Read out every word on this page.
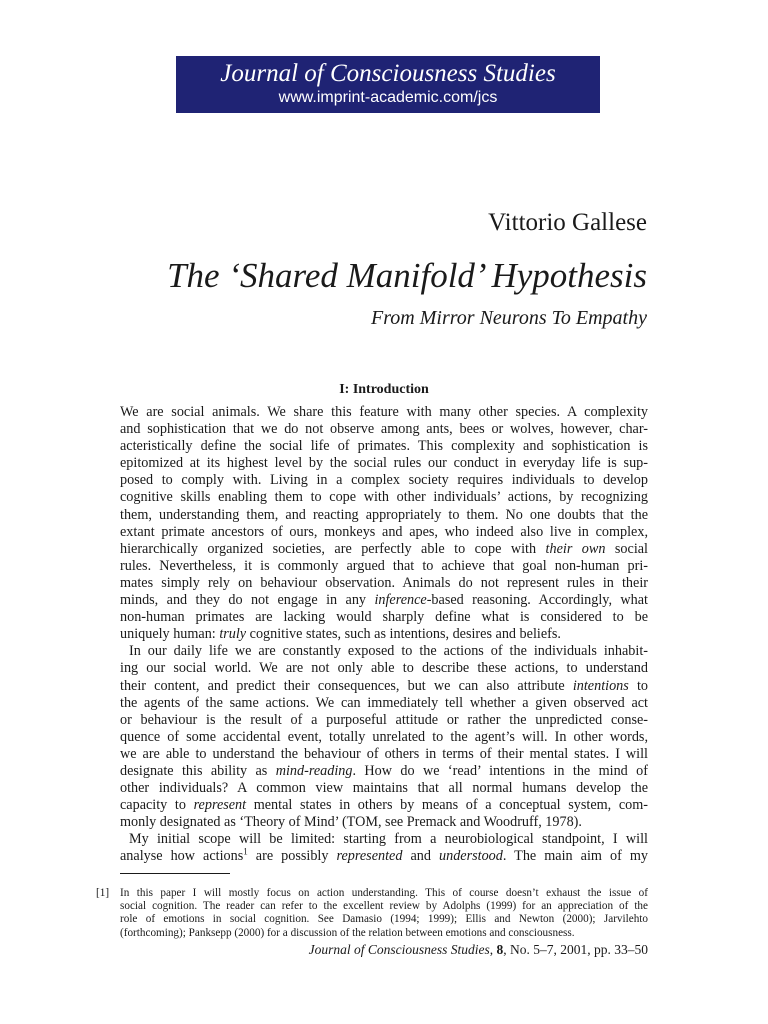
Journal of Consciousness Studies
www.imprint-academic.com/jcs
Vittorio Gallese
The ‘Shared Manifold’ Hypothesis
From Mirror Neurons To Empathy
I: Introduction
We are social animals. We share this feature with many other species. A complexity
and sophistication that we do not observe among ants, bees or wolves, however, char-
acteristically define the social life of primates. This complexity and sophistication is
epitomized at its highest level by the social rules our conduct in everyday life is sup-
posed to comply with. Living in a complex society requires individuals to develop
cognitive skills enabling them to cope with other individuals’ actions, by recognizing
them, understanding them, and reacting appropriately to them. No one doubts that the
extant primate ancestors of ours, monkeys and apes, who indeed also live in complex,
hierarchically organized societies, are perfectly able to cope with their own social
rules. Nevertheless, it is commonly argued that to achieve that goal non-human pri-
mates simply rely on behaviour observation. Animals do not represent rules in their
minds, and they do not engage in any inference-based reasoning. Accordingly, what
non-human primates are lacking would sharply define what is considered to be
uniquely human: truly cognitive states, such as intentions, desires and beliefs.
In our daily life we are constantly exposed to the actions of the individuals inhabit-
ing our social world. We are not only able to describe these actions, to understand
their content, and predict their consequences, but we can also attribute intentions to
the agents of the same actions. We can immediately tell whether a given observed act
or behaviour is the result of a purposeful attitude or rather the unpredicted conse-
quence of some accidental event, totally unrelated to the agent’s will. In other words,
we are able to understand the behaviour of others in terms of their mental states. I will
designate this ability as mind-reading. How do we ‘read’ intentions in the mind of
other individuals? A common view maintains that all normal humans develop the
capacity to represent mental states in others by means of a conceptual system, com-
monly designated as ‘Theory of Mind’ (TOM, see Premack and Woodruff, 1978).
My initial scope will be limited: starting from a neurobiological standpoint, I will
analyse how actions$^1$ are possibly represented and understood. The main aim of my
[1] In this paper I will mostly focus on action understanding. This of course doesn’t exhaust the issue of
social cognition. The reader can refer to the excellent review by Adolphs (1999) for an appreciation of the
role of emotions in social cognition. See Damasio (1994; 1999); Ellis and Newton (2000); Jarvilehto
(forthcoming); Panksepp (2000) for a discussion of the relation between emotions and consciousness.
Journal of Consciousness Studies, 8, No. 5–7, 2001, pp. 33–50
